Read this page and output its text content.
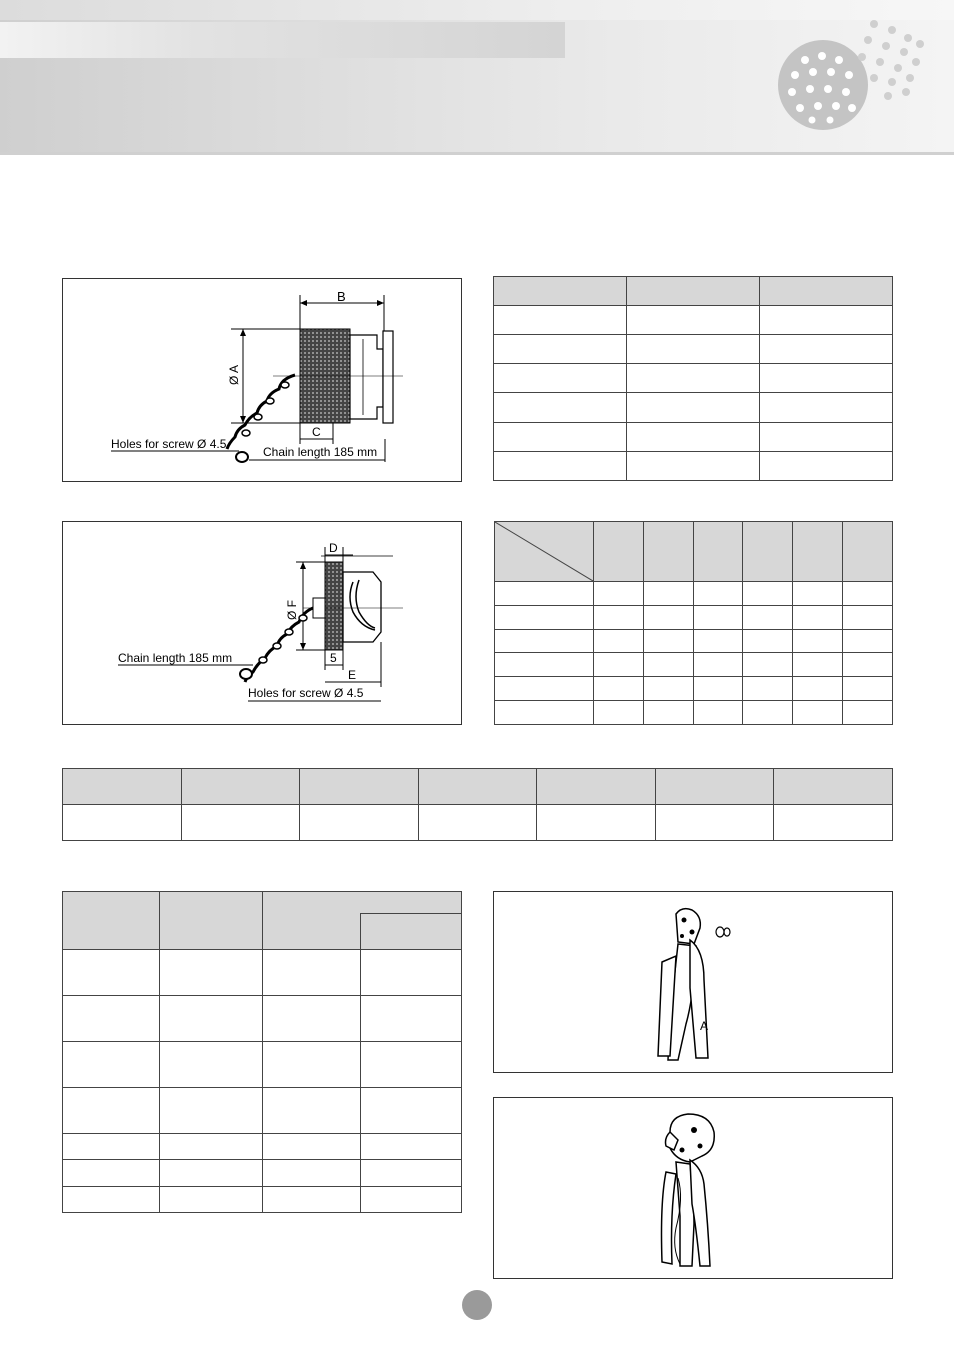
B
Ø A
C
Holes for screw Ø 4.5
Chain length 185 mm

D
Ø F
5
E
Chain length 185 mm
Holes for screw Ø 4.5

A
